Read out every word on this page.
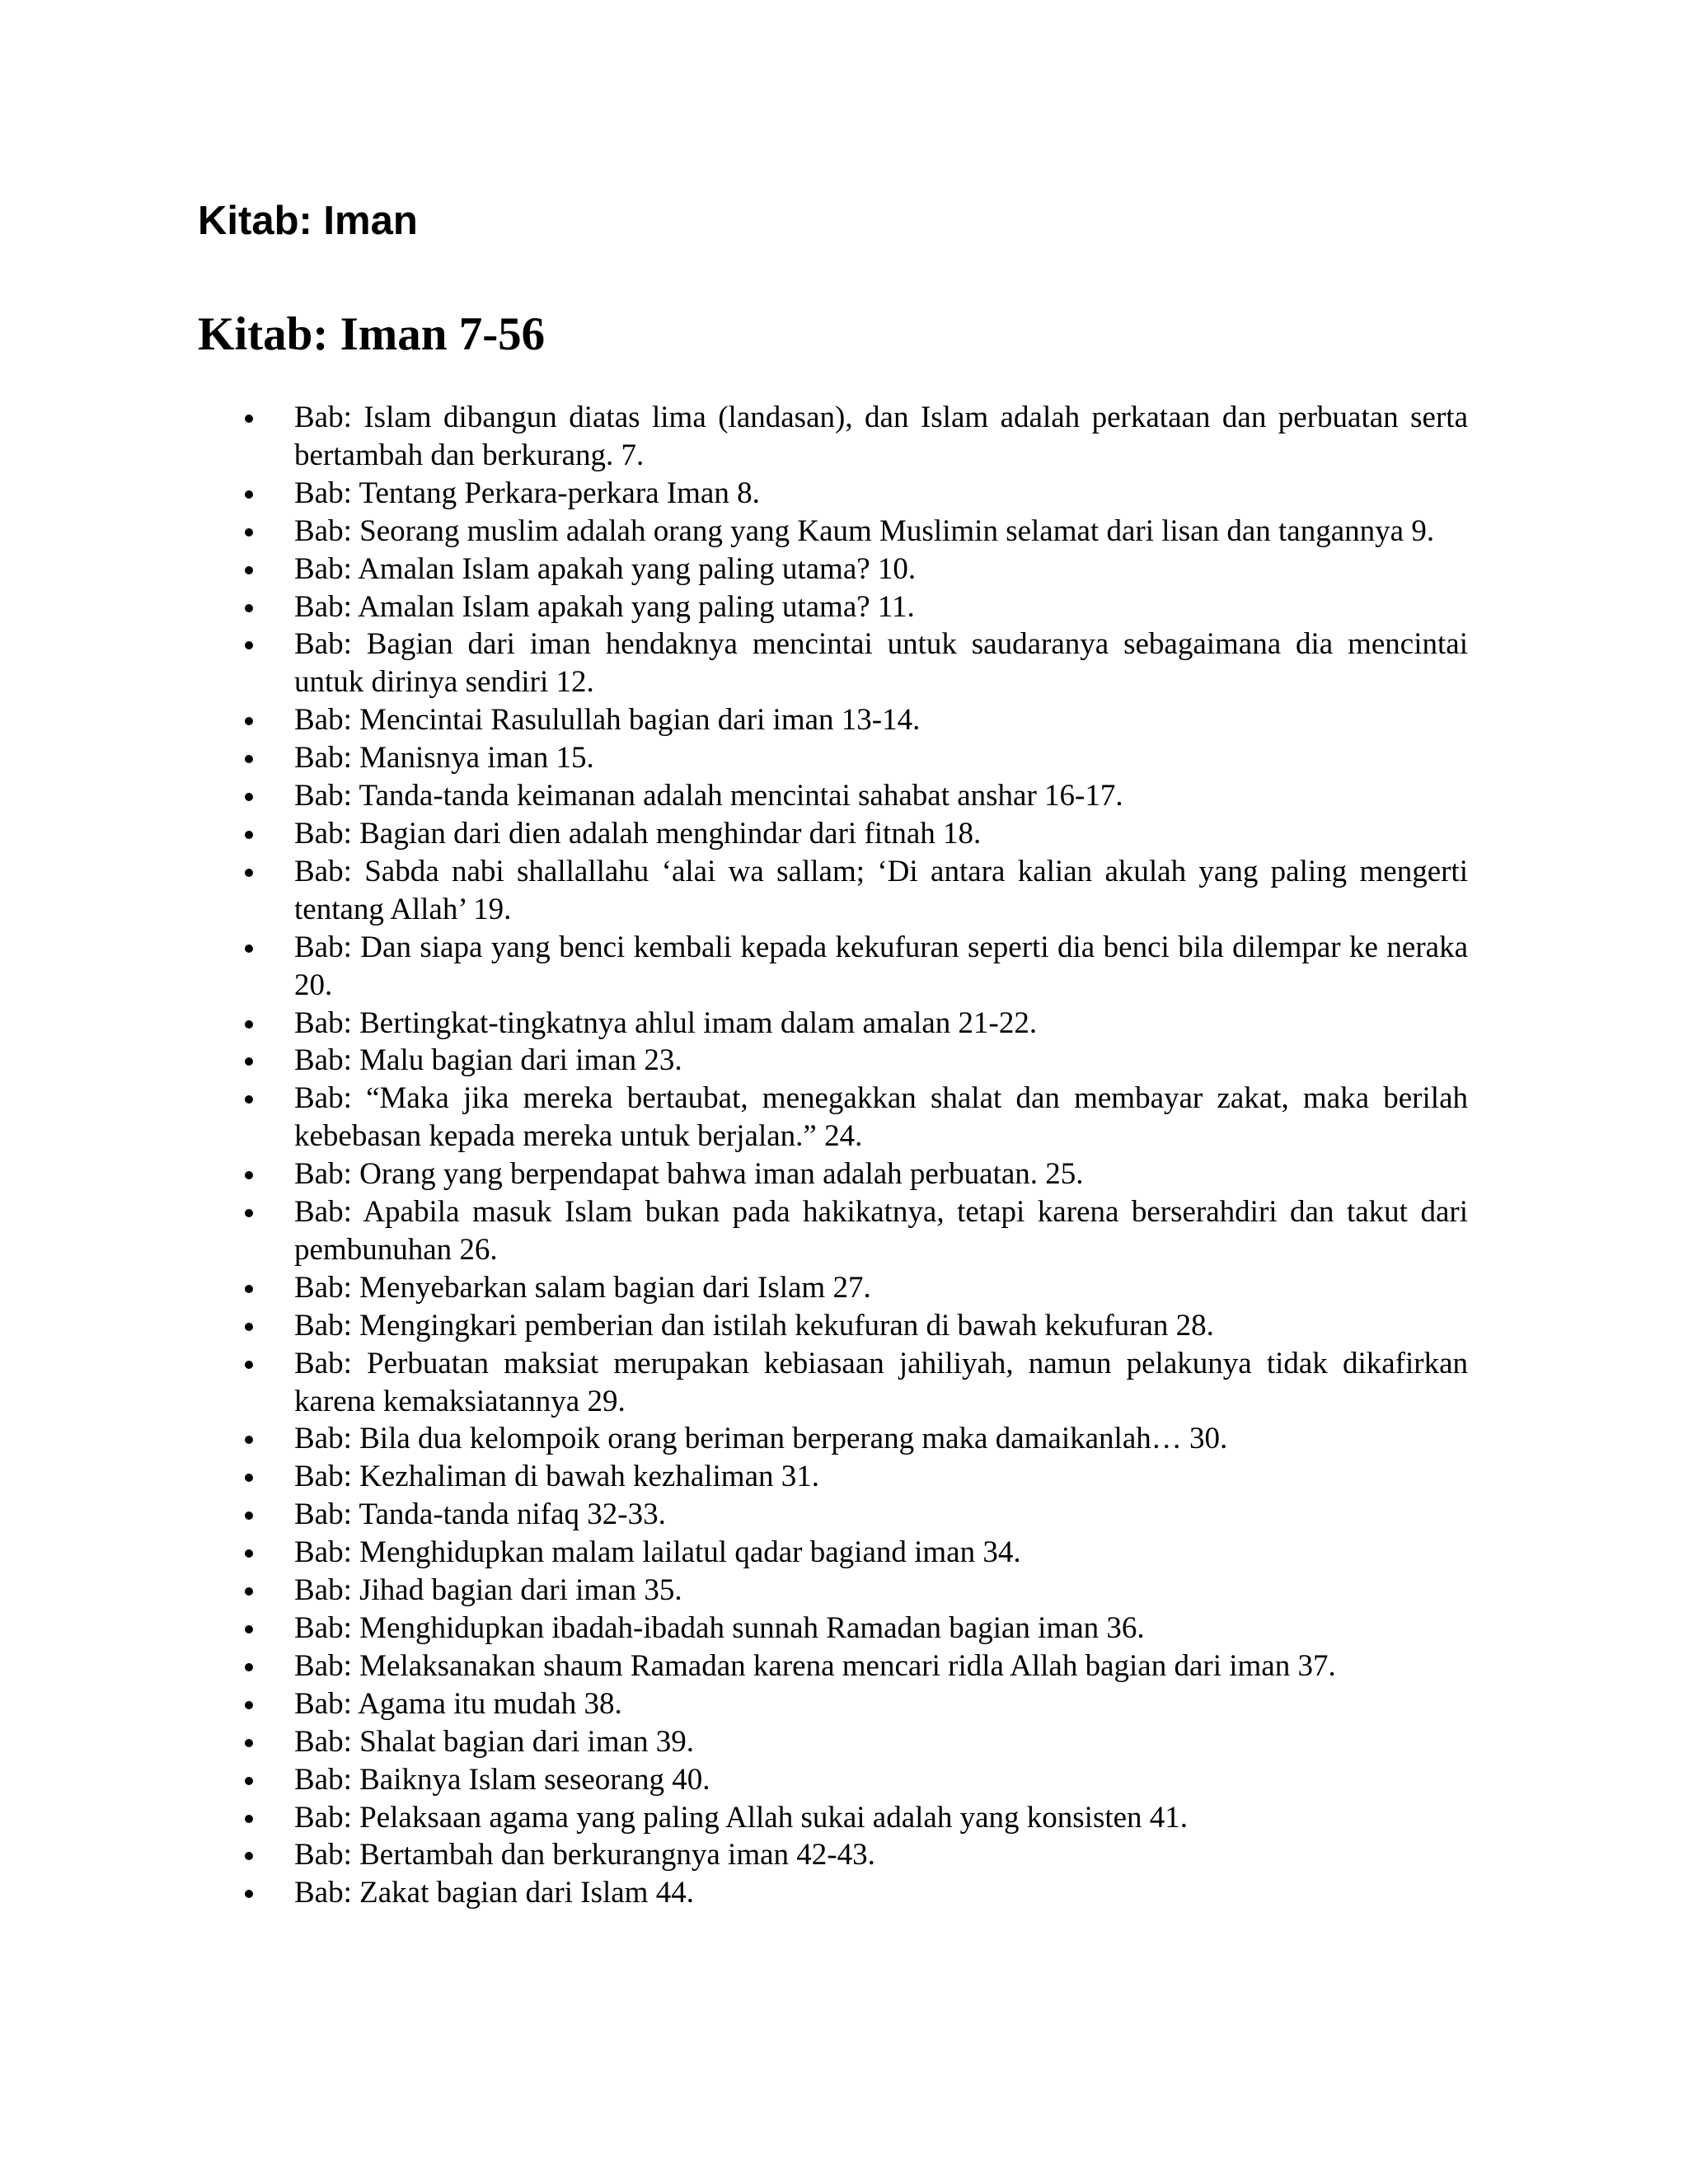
Kitab: Iman
Kitab: Iman 7-56
Bab: Islam dibangun diatas lima (landasan), dan Islam adalah perkataan dan perbuatan serta bertambah dan berkurang. 7.
Bab: Tentang Perkara-perkara Iman 8.
Bab: Seorang muslim adalah orang yang Kaum Muslimin selamat dari lisan dan tangannya 9.
Bab: Amalan Islam apakah yang paling utama? 10.
Bab: Amalan Islam apakah yang paling utama? 11.
Bab: Bagian dari iman hendaknya mencintai untuk saudaranya sebagaimana dia mencintai untuk dirinya sendiri 12.
Bab: Mencintai Rasulullah bagian dari iman 13-14.
Bab: Manisnya iman 15.
Bab: Tanda-tanda keimanan adalah mencintai sahabat anshar 16-17.
Bab: Bagian dari dien adalah menghindar dari fitnah 18.
Bab: Sabda nabi shallallahu ‘alai wa sallam; ‘Di antara kalian akulah yang paling mengerti tentang Allah’ 19.
Bab: Dan siapa yang benci kembali kepada kekufuran seperti dia benci bila dilempar ke neraka 20.
Bab: Bertingkat-tingkatnya ahlul imam dalam amalan 21-22.
Bab: Malu bagian dari iman 23.
Bab: “Maka jika mereka bertaubat, menegakkan shalat dan membayar zakat, maka berilah kebebasan kepada mereka untuk berjalan.” 24.
Bab: Orang yang berpendapat bahwa iman adalah perbuatan. 25.
Bab: Apabila masuk Islam bukan pada hakikatnya, tetapi karena berserahdiri dan takut dari pembunuhan 26.
Bab: Menyebarkan salam bagian dari Islam 27.
Bab: Mengingkari pemberian dan istilah kekufuran di bawah kekufuran 28.
Bab: Perbuatan maksiat merupakan kebiasaan jahiliyah, namun pelakunya tidak dikafirkan karena kemaksiatannya 29.
Bab: Bila dua kelompoik orang beriman berperang maka damaikanlah… 30.
Bab: Kezhaliman di bawah kezhaliman 31.
Bab: Tanda-tanda nifaq 32-33.
Bab: Menghidupkan malam lailatul qadar bagiand iman 34.
Bab: Jihad bagian dari iman 35.
Bab: Menghidupkan ibadah-ibadah sunnah Ramadan bagian iman 36.
Bab: Melaksanakan shaum Ramadan karena mencari ridla Allah bagian dari iman 37.
Bab: Agama itu mudah 38.
Bab: Shalat bagian dari iman 39.
Bab: Baiknya Islam seseorang 40.
Bab: Pelaksaan agama yang paling Allah sukai adalah yang konsisten 41.
Bab: Bertambah dan berkurangnya iman 42-43.
Bab: Zakat bagian dari Islam 44.
